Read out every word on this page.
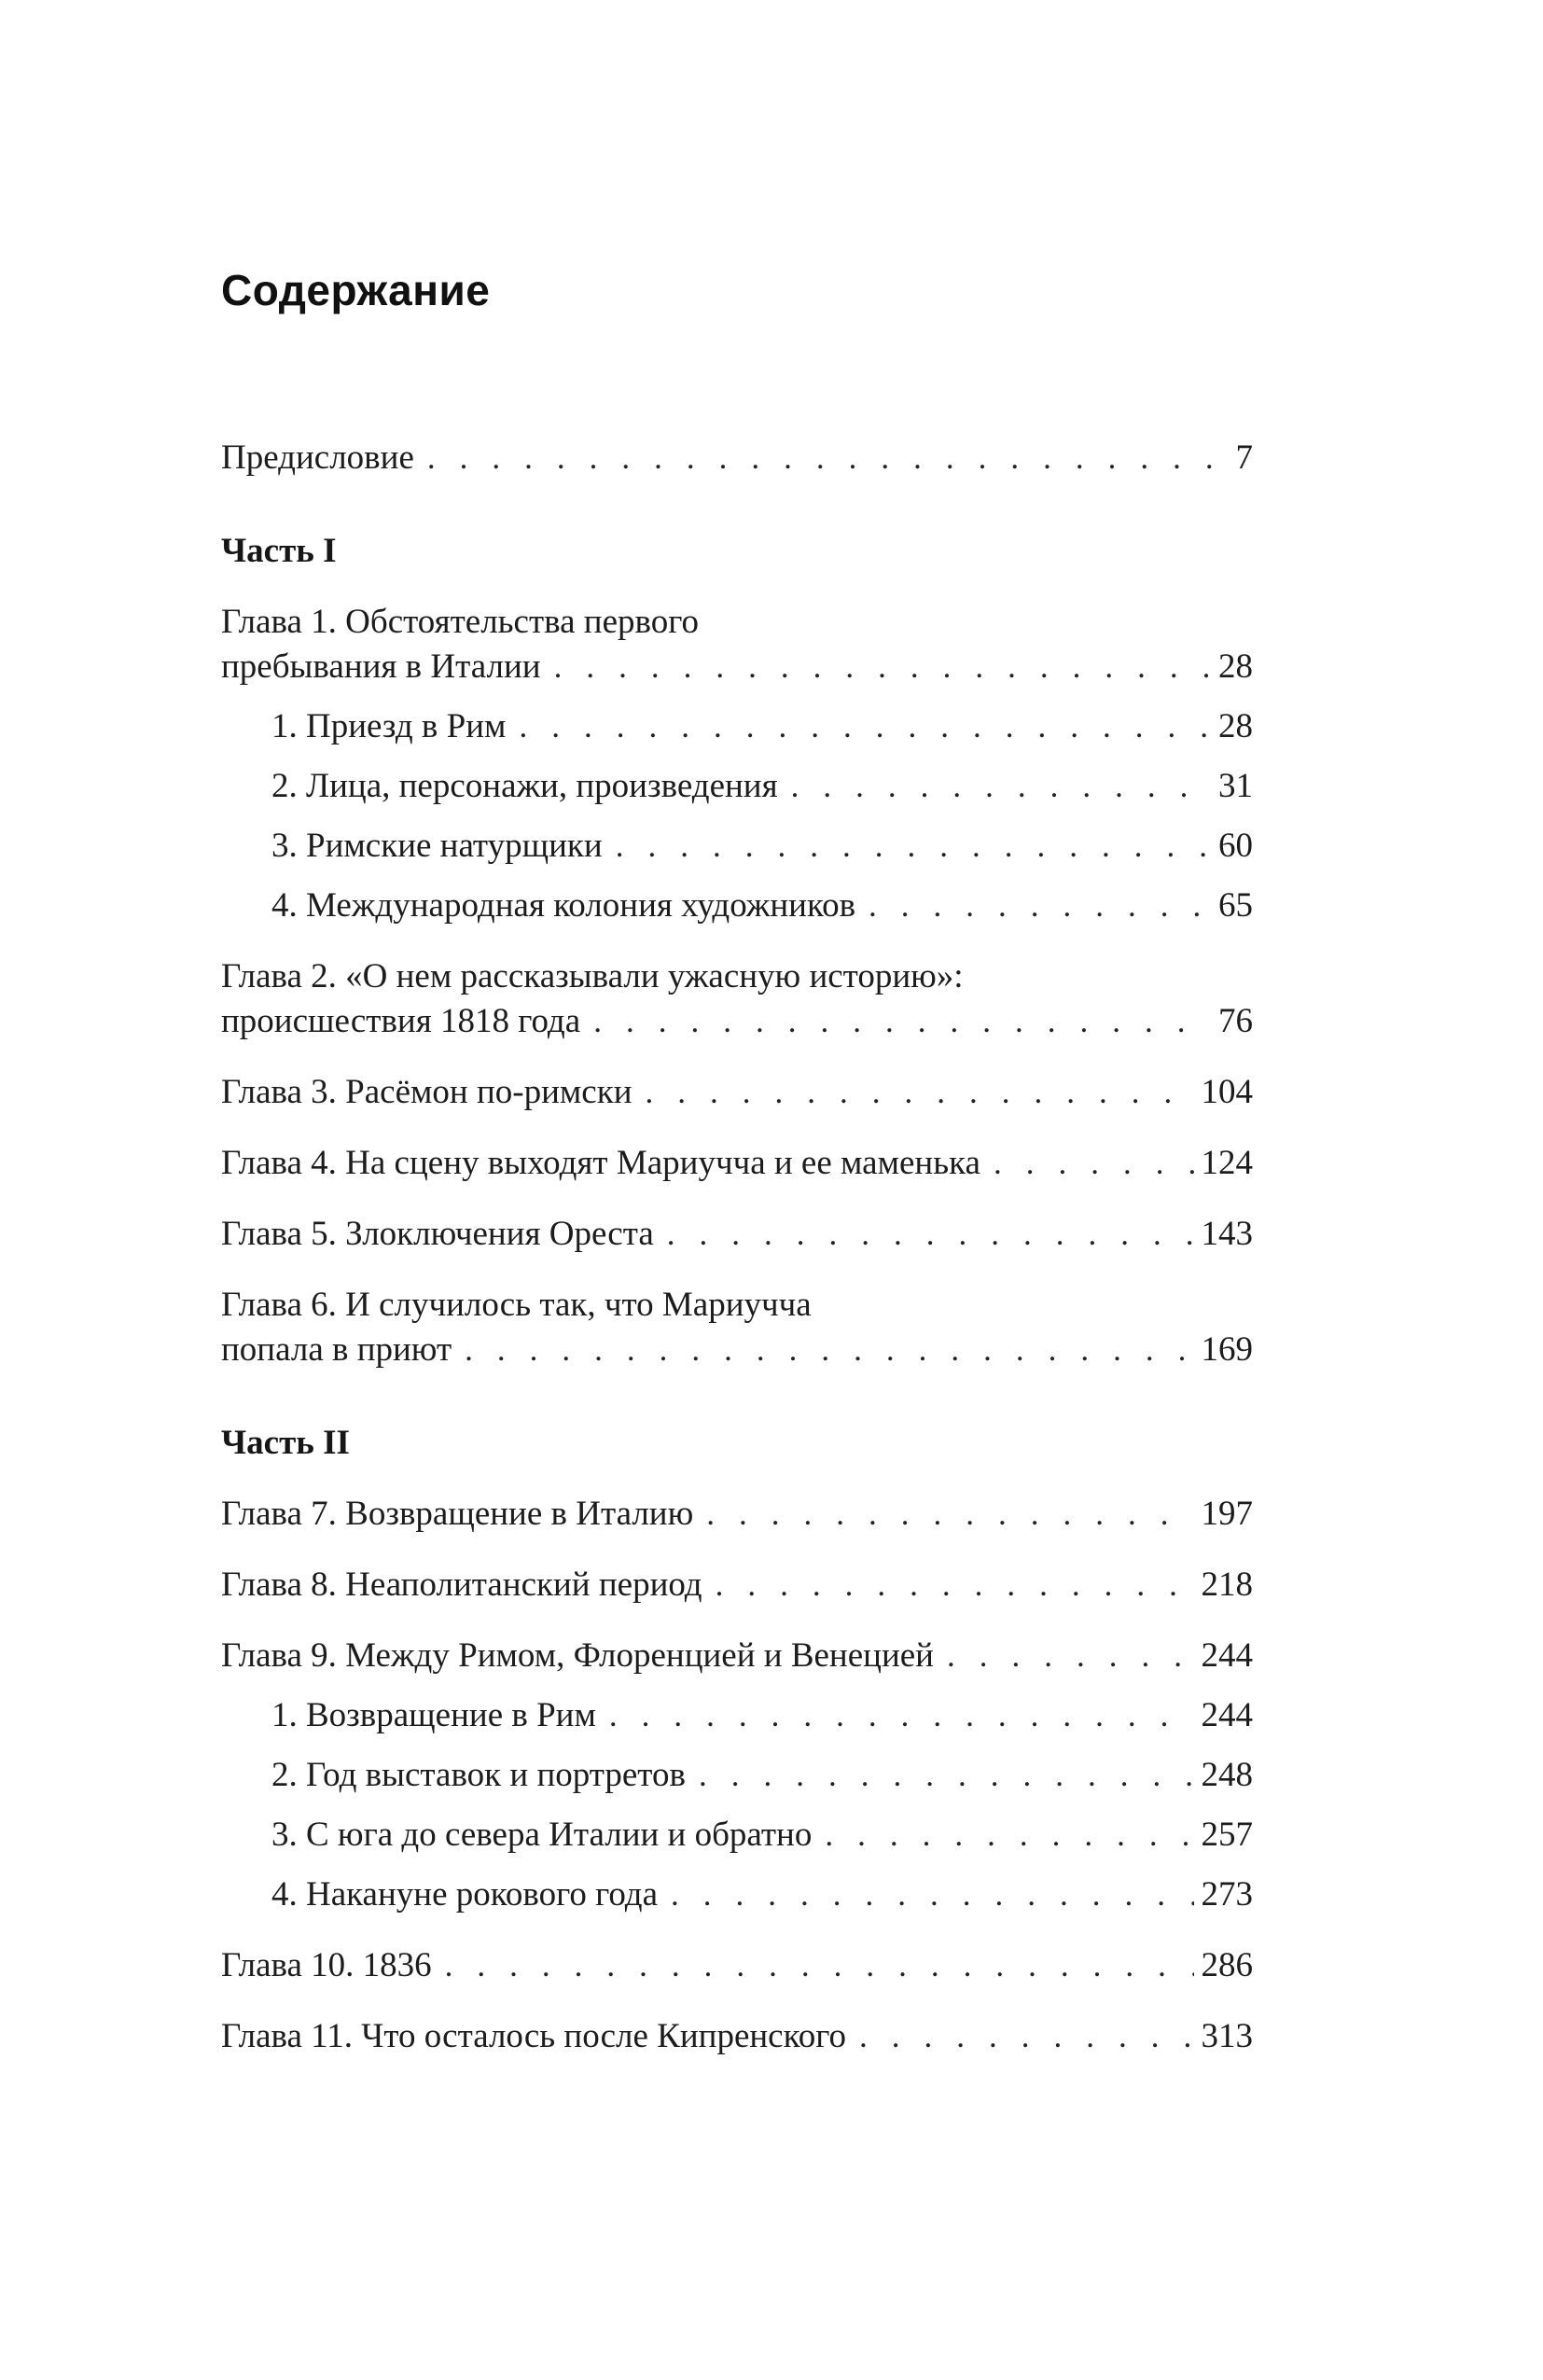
Содержание
Предисловие .....	7
Часть I
Глава 1. Обстоятельства первого
пребывания в Италии .....	28
1. Приезд в Рим .....	28
2. Лица, персонажи, произведения .....	31
3. Римские натурщики .....	60
4. Международная колония художников .....	65
Глава 2. «О нем рассказывали ужасную историю»:
происшествия 1818 года .....	76
Глава 3. Расёмон по-римски .....	104
Глава 4. На сцену выходят Мариучча и ее маменька .....	124
Глава 5. Злоключения Ореста .....	143
Глава 6. И случилось так, что Мариучча
попала в приют .....	169
Часть II
Глава 7. Возвращение в Италию .....	197
Глава 8. Неаполитанский период .....	218
Глава 9. Между Римом, Флоренцией и Венецией .....	244
1. Возвращение в Рим .....	244
2. Год выставок и портретов .....	248
3. С юга до севера Италии и обратно .....	257
4. Накануне рокового года .....	273
Глава 10. 1836 .....	286
Глава 11. Что осталось после Кипренского .....	313
